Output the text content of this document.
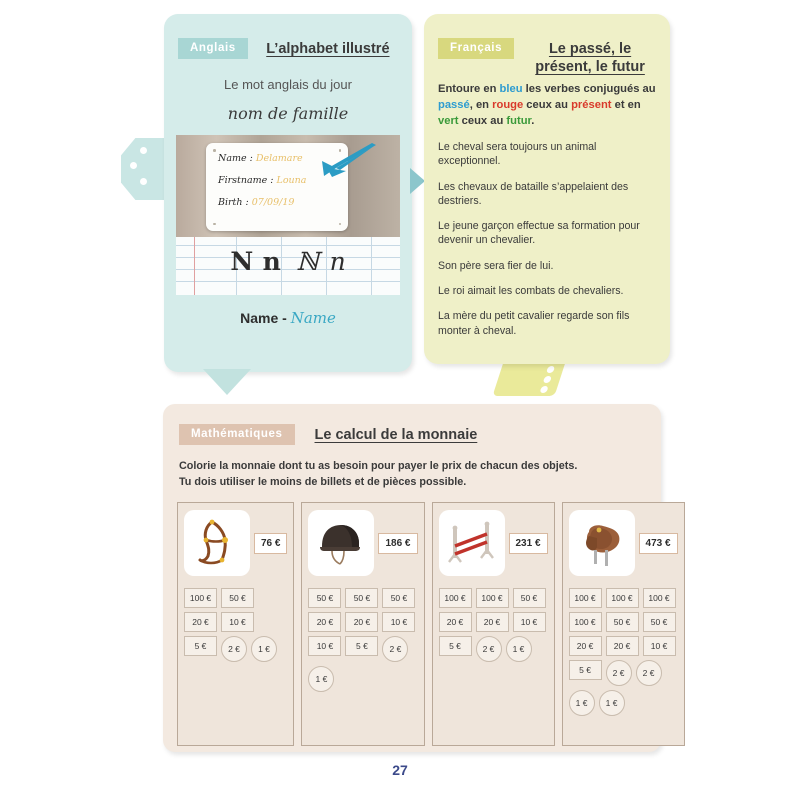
Anglais	L’alphabet illustré
Le mot anglais du jour
nom de famille
Name : Delamare
Firstname : Louna
Birth : 07/09/19
N n ℕ n
Name - Name
Français	Le passé, le présent, le futur
Entoure en bleu les verbes conjugués au passé, en rouge ceux au présent et en vert ceux au futur.
Le cheval sera toujours un animal exceptionnel.
Les chevaux de bataille s’appelaient des destriers.
Le jeune garçon effectue sa formation pour devenir un chevalier.
Son père sera fier de lui.
Le roi aimait les combats de chevaliers.
La mère du petit cavalier regarde son fils monter à cheval.
Mathématiques	Le calcul de la monnaie
Colorie la monnaie dont tu as besoin pour payer le prix de chacun des objets.
Tu dois utiliser le moins de billets et de pièces possible.
76 €
100 €	50 €
20 €	10 €
5 €	2 €	1 €
186 €
50 €	50 €	50 €
20 €	20 €	10 €
10 €	5 €	2 €
1 €
231 €
100 €	100 €	50 €
20 €	20 €	10 €
5 €	2 €	1 €
473 €
100 €	100 €	100 €
100 €	50 €	50 €
20 €	20 €	10 €
5 €	2 €	2 €
1 €	1 €
27
